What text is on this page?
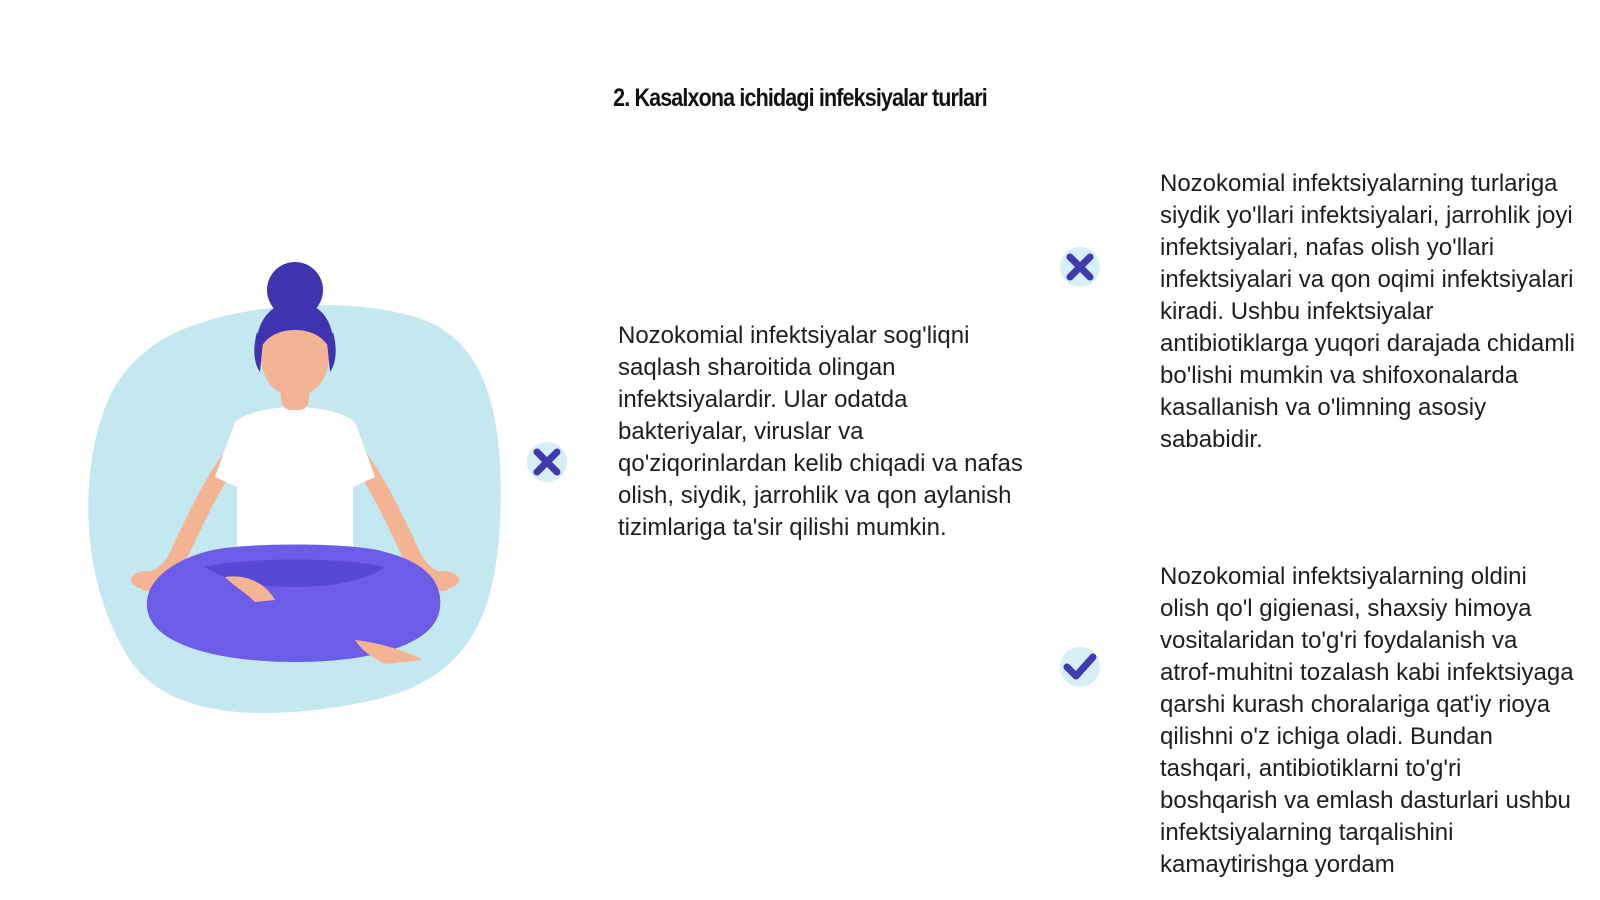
2. Kasalxona ichidagi infeksiyalar turlari
Nozokomial infektsiyalar sog'liqni saqlash sharoitida olingan infektsiyalardir. Ular odatda bakteriyalar, viruslar va qo'ziqorinlardan kelib chiqadi va nafas olish, siydik, jarrohlik va qon aylanish tizimlariga ta'sir qilishi mumkin.
Nozokomial infektsiyalarning turlariga siydik yo'llari infektsiyalari, jarrohlik joyi infektsiyalari, nafas olish yo'llari infektsiyalari va qon oqimi infektsiyalari kiradi. Ushbu infektsiyalar antibiotiklarga yuqori darajada chidamli bo'lishi mumkin va shifoxonalarda kasallanish va o'limning asosiy sababidir.
Nozokomial infektsiyalarning oldini olish qo'l gigienasi, shaxsiy himoya vositalaridan to'g'ri foydalanish va atrof-muhitni tozalash kabi infektsiyaga qarshi kurash choralariga qat'iy rioya qilishni o'z ichiga oladi. Bundan tashqari, antibiotiklarni to'g'ri boshqarish va emlash dasturlari ushbu infektsiyalarning tarqalishini kamaytirishga yordam
